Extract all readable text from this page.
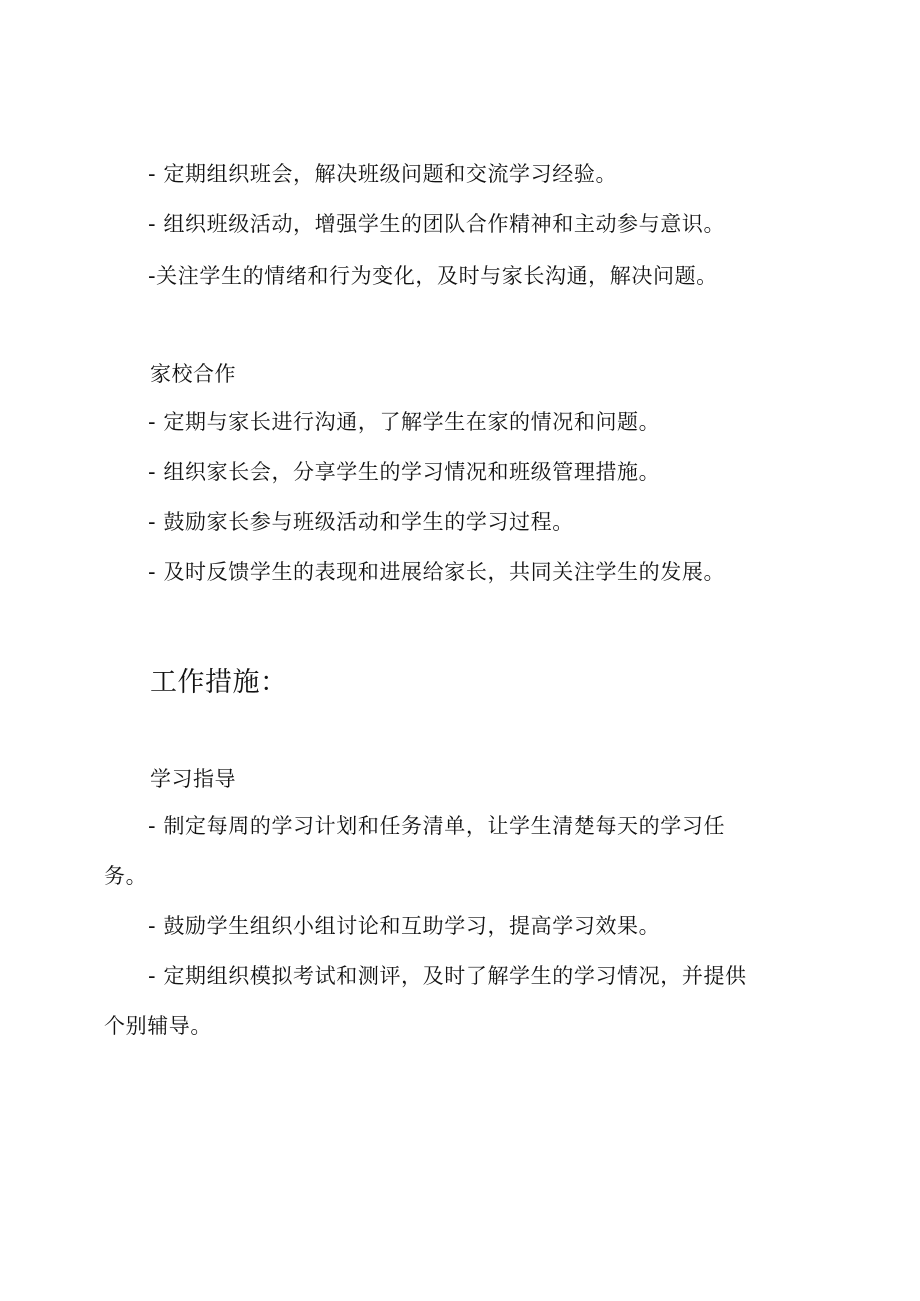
- 定期组织班会，解决班级问题和交流学习经验。
- 组织班级活动，增强学生的团队合作精神和主动参与意识。
-关注学生的情绪和行为变化，及时与家长沟通，解决问题。
家校合作
- 定期与家长进行沟通，了解学生在家的情况和问题。
- 组织家长会，分享学生的学习情况和班级管理措施。
- 鼓励家长参与班级活动和学生的学习过程。
- 及时反馈学生的表现和进展给家长，共同关注学生的发展。
工作措施：
学习指导
- 制定每周的学习计划和任务清单，让学生清楚每天的学习任
务。
- 鼓励学生组织小组讨论和互助学习，提高学习效果。
- 定期组织模拟考试和测评，及时了解学生的学习情况，并提供
个别辅导。
